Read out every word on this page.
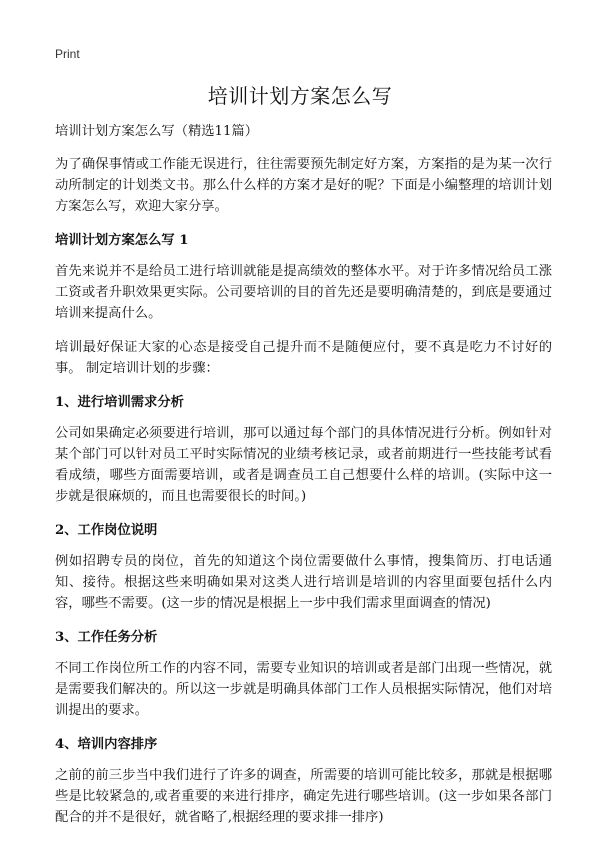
Print
培训计划方案怎么写

培训计划方案怎么写（精选11篇）

为了确保事情或工作能无误进行，往往需要预先制定好方案，方案指的是为某一次行动所制定的计划类文书。那么什么样的方案才是好的呢？下面是小编整理的培训计划方案怎么写，欢迎大家分享。

培训计划方案怎么写 1

首先来说并不是给员工进行培训就能是提高绩效的整体水平。对于许多情况给员工涨工资或者升职效果更实际。公司要培训的目的首先还是要明确清楚的，到底是要通过培训来提高什么。

培训最好保证大家的心态是接受自己提升而不是随便应付，要不真是吃力不讨好的事。 制定培训计划的步骤：

1、进行培训需求分析

公司如果确定必须要进行培训，那可以通过每个部门的具体情况进行分析。例如针对某个部门可以针对员工平时实际情况的业绩考核记录，或者前期进行一些技能考试看看成绩，哪些方面需要培训，或者是调查员工自己想要什么样的培训。(实际中这一步就是很麻烦的，而且也需要很长的时间。)

2、工作岗位说明

例如招聘专员的岗位，首先的知道这个岗位需要做什么事情，搜集简历、打电话通知、接待。根据这些来明确如果对这类人进行培训是培训的内容里面要包括什么内容，哪些不需要。(这一步的情况是根据上一步中我们需求里面调查的情况)

3、工作任务分析

不同工作岗位所工作的内容不同，需要专业知识的培训或者是部门出现一些情况，就是需要我们解决的。所以这一步就是明确具体部门工作人员根据实际情况，他们对培训提出的要求。

4、培训内容排序

之前的前三步当中我们进行了许多的调查，所需要的培训可能比较多，那就是根据哪些是比较紧急的,或者重要的来进行排序，确定先进行哪些培训。(这一步如果各部门配合的并不是很好，就省略了,根据经理的要求排一排序)
